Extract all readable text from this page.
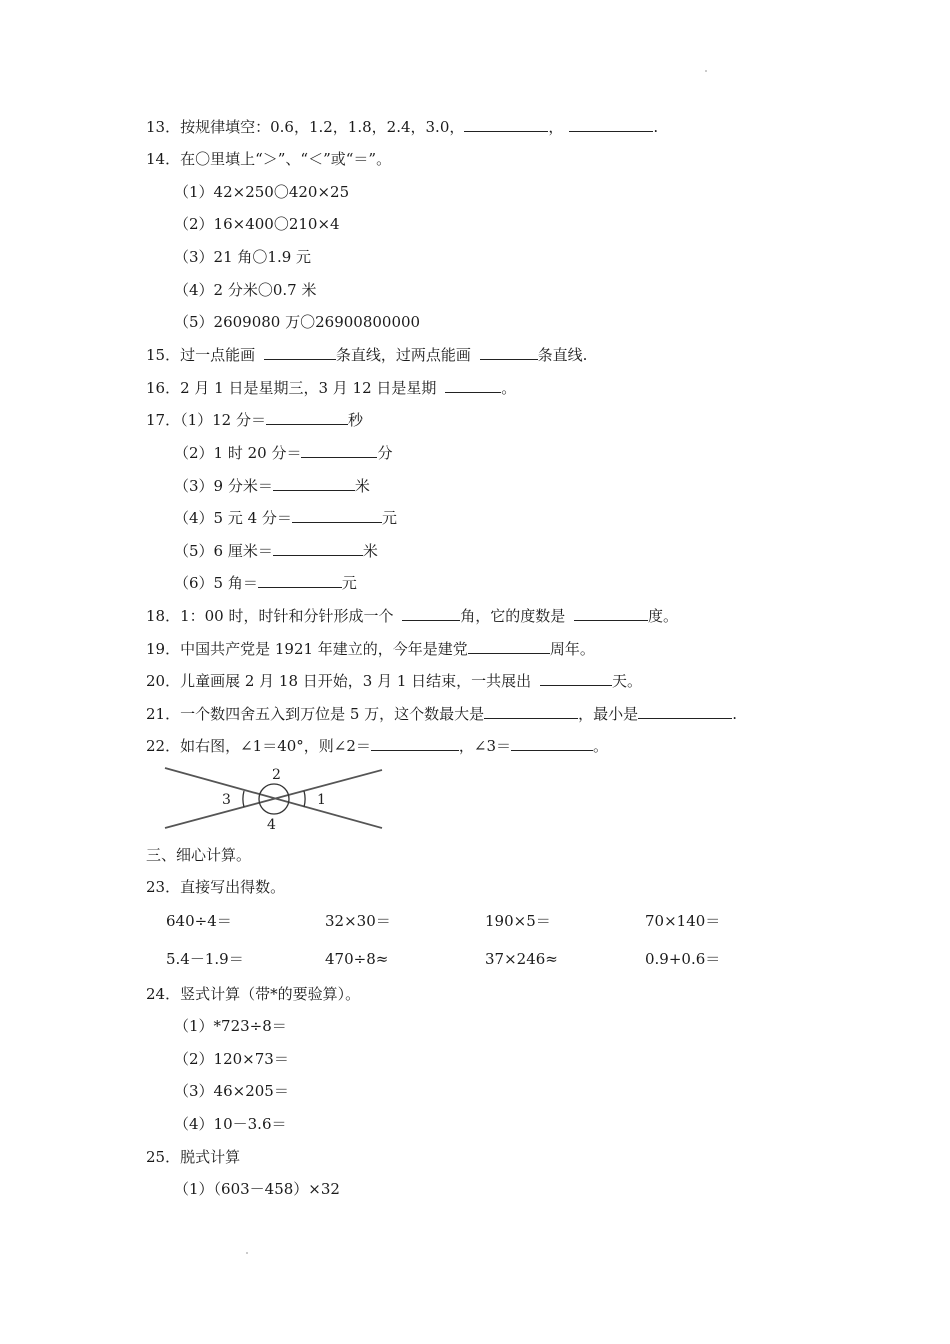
13．按规律填空：0.6，1.2，1.8，2.4，3.0，	，	.
14．在〇里填上“＞”、“＜”或“＝”。
（1）42×250〇420×25
（2）16×400〇210×4
（3）21 角〇1.9 元
（4）2 分米〇0.7 米
（5）2609080 万〇26900800000
15．过一点能画	条直线，过两点能画	条直线.
16．2 月 1 日是星期三，3 月 12 日是星期	。
17．（1）12 分＝	秒
（2）1 时 20 分＝	分
（3）9 分米＝	米
（4）5 元 4 分＝	元
（5）6 厘米＝	米
（6）5 角＝	元
18．1：00 时，时针和分针形成一个	角，它的度数是	度。
19．中国共产党是 1921 年建立的，今年是建党	周年。
20．儿童画展 2 月 18 日开始，3 月 1 日结束，一共展出	天。
21．一个数四舍五入到万位是 5 万，这个数最大是	，最小是	.
22．如右图，∠1＝40°，则∠2＝	，∠3＝	。
1
2
3
4
三、细心计算。
23．直接写出得数。
640÷4＝	32×30＝	190×5＝	70×140＝
5.4－1.9＝	470÷8≈	37×246≈	0.9+0.6＝
24．竖式计算（带*的要验算）。
（1）*723÷8＝
（2）120×73＝
（3）46×205＝
（4）10－3.6＝
25．脱式计算
（1）（603－458）×32
